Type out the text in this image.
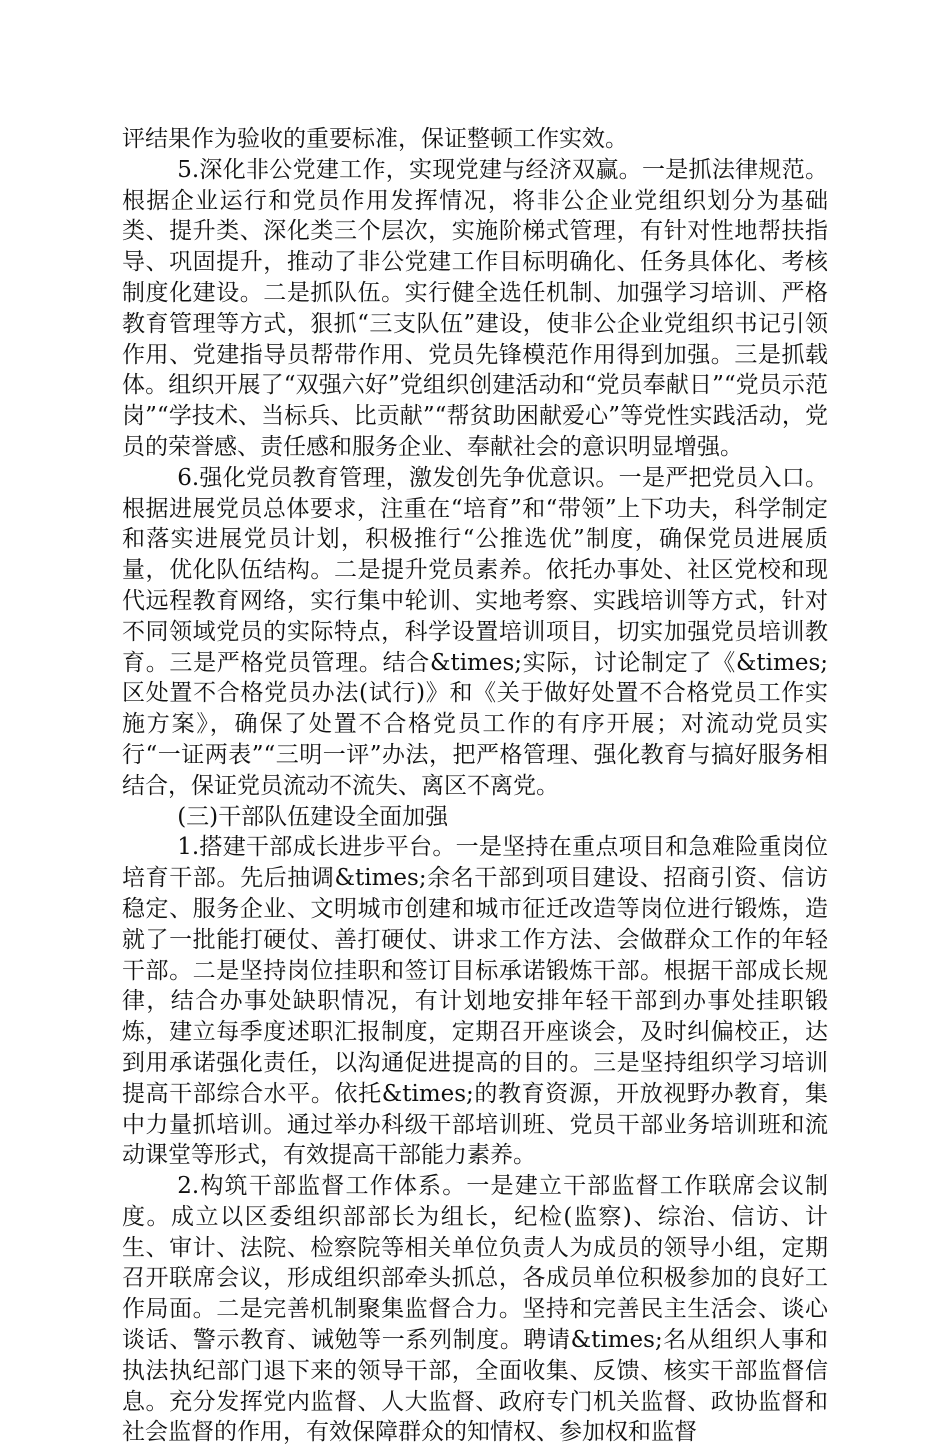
评结果作为验收的重要标准，保证整顿工作实效。

5.深化非公党建工作，实现党建与经济双赢。一是抓法律规范。根据企业运行和党员作用发挥情况，将非公企业党组织划分为基础类、提升类、深化类三个层次，实施阶梯式管理，有针对性地帮扶指导、巩固提升，推动了非公党建工作目标明确化、任务具体化、考核制度化建设。二是抓队伍。实行健全选任机制、加强学习培训、严格教育管理等方式，狠抓“三支队伍”建设，使非公企业党组织书记引领作用、党建指导员帮带作用、党员先锋模范作用得到加强。三是抓载体。组织开展了“双强六好”党组织创建活动和“党员奉献日”“党员示范岗”“学技术、当标兵、比贡献”“帮贫助困献爱心”等党性实践活动，党员的荣誉感、责任感和服务企业、奉献社会的意识明显增强。

6.强化党员教育管理，激发创先争优意识。一是严把党员入口。根据进展党员总体要求，注重在“培育”和“带领”上下功夫，科学制定和落实进展党员计划，积极推行“公推选优”制度，确保党员进展质量，优化队伍结构。二是提升党员素养。依托办事处、社区党校和现代远程教育网络，实行集中轮训、实地考察、实践培训等方式，针对不同领域党员的实际特点，科学设置培训项目，切实加强党员培训教育。三是严格党员管理。结合&times;实际，讨论制定了《&times;区处置不合格党员办法(试行)》和《关于做好处置不合格党员工作实施方案》，确保了处置不合格党员工作的有序开展；对流动党员实行“一证两表”“三明一评”办法，把严格管理、强化教育与搞好服务相结合，保证党员流动不流失、离区不离党。

(三)干部队伍建设全面加强

1.搭建干部成长进步平台。一是坚持在重点项目和急难险重岗位培育干部。先后抽调&times;余名干部到项目建设、招商引资、信访稳定、服务企业、文明城市创建和城市征迁改造等岗位进行锻炼，造就了一批能打硬仗、善打硬仗、讲求工作方法、会做群众工作的年轻干部。二是坚持岗位挂职和签订目标承诺锻炼干部。根据干部成长规律，结合办事处缺职情况，有计划地安排年轻干部到办事处挂职锻炼，建立每季度述职汇报制度，定期召开座谈会，及时纠偏校正，达到用承诺强化责任，以沟通促进提高的目的。三是坚持组织学习培训提高干部综合水平。依托&times;的教育资源，开放视野办教育，集中力量抓培训。通过举办科级干部培训班、党员干部业务培训班和流动课堂等形式，有效提高干部能力素养。

2.构筑干部监督工作体系。一是建立干部监督工作联席会议制度。成立以区委组织部部长为组长，纪检(监察)、综治、信访、计生、审计、法院、检察院等相关单位负责人为成员的领导小组，定期召开联席会议，形成组织部牵头抓总，各成员单位积极参加的良好工作局面。二是完善机制聚集监督合力。坚持和完善民主生活会、谈心谈话、警示教育、诫勉等一系列制度。聘请&times;名从组织人事和执法执纪部门退下来的领导干部，全面收集、反馈、核实干部监督信息。充分发挥党内监督、人大监督、政府专门机关监督、政协监督和社会监督的作用，有效保障群众的知情权、参加权和监督
